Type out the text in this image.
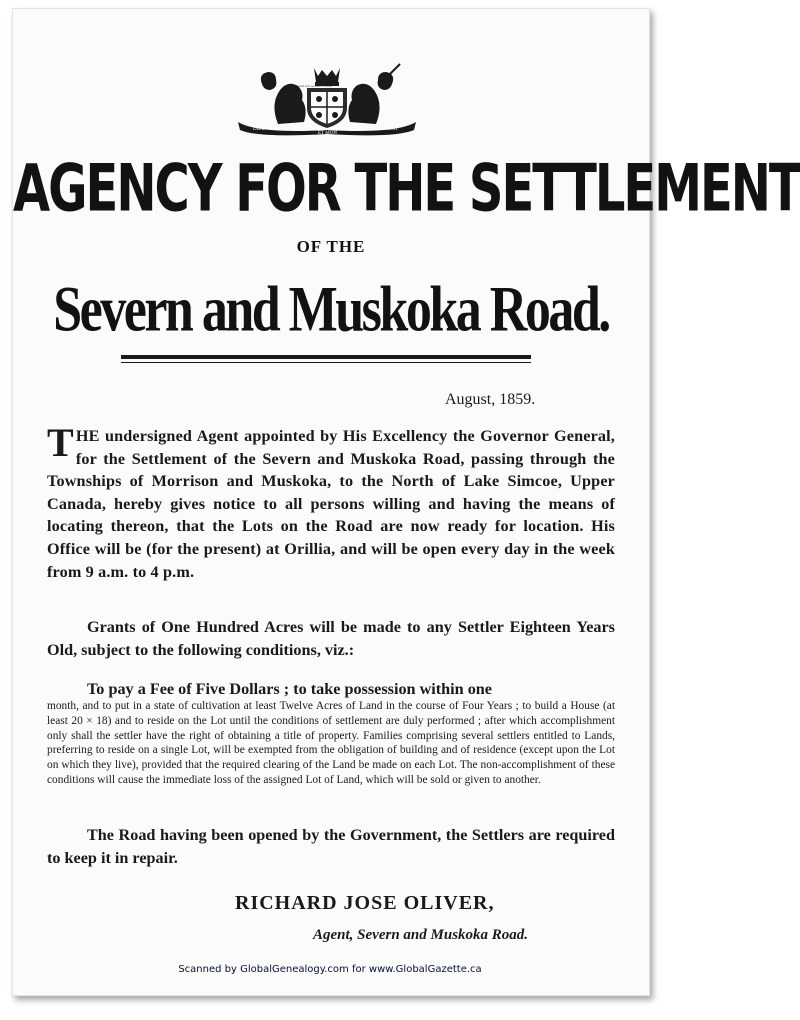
DIEU
ET MON
DROIT
HONI SOIT QUI MAL Y PENSE
AGENCY FOR THE SETTLEMENT
OF THE
Severn and Muskoka Road.
August, 1859.
THE undersigned Agent appointed by His Excellency the Governor General, for the Settlement of the Severn and Muskoka Road, passing through the Townships of Morrison and Muskoka, to the North of Lake Simcoe, Upper Canada, hereby gives notice to all persons willing and having the means of locating thereon, that the Lots on the Road are now ready for location. His Office will be (for the present) at Orillia, and will be open every day in the week from 9 a.m. to 4 p.m.
Grants of One Hundred Acres will be made to any Settler Eighteen Years Old, subject to the following conditions, viz.:
To pay a Fee of Five Dollars ; to take possession within one
month, and to put in a state of cultivation at least Twelve Acres of Land in the course of Four Years ; to build a House (at least 20 × 18) and to reside on the Lot until the conditions of settlement are duly performed ; after which accomplishment only shall the settler have the right of obtaining a title of property. Families comprising several settlers entitled to Lands, preferring to reside on a single Lot, will be exempted from the obligation of building and of residence (except upon the Lot on which they live), provided that the required clearing of the Land be made on each Lot. The non-accomplishment of these conditions will cause the immediate loss of the assigned Lot of Land, which will be sold or given to another.
The Road having been opened by the Government, the Settlers are required to keep it in repair.
RICHARD JOSE OLIVER,
Agent, Severn and Muskoka Road.
Scanned by GlobalGenealogy.com for www.GlobalGazette.ca
